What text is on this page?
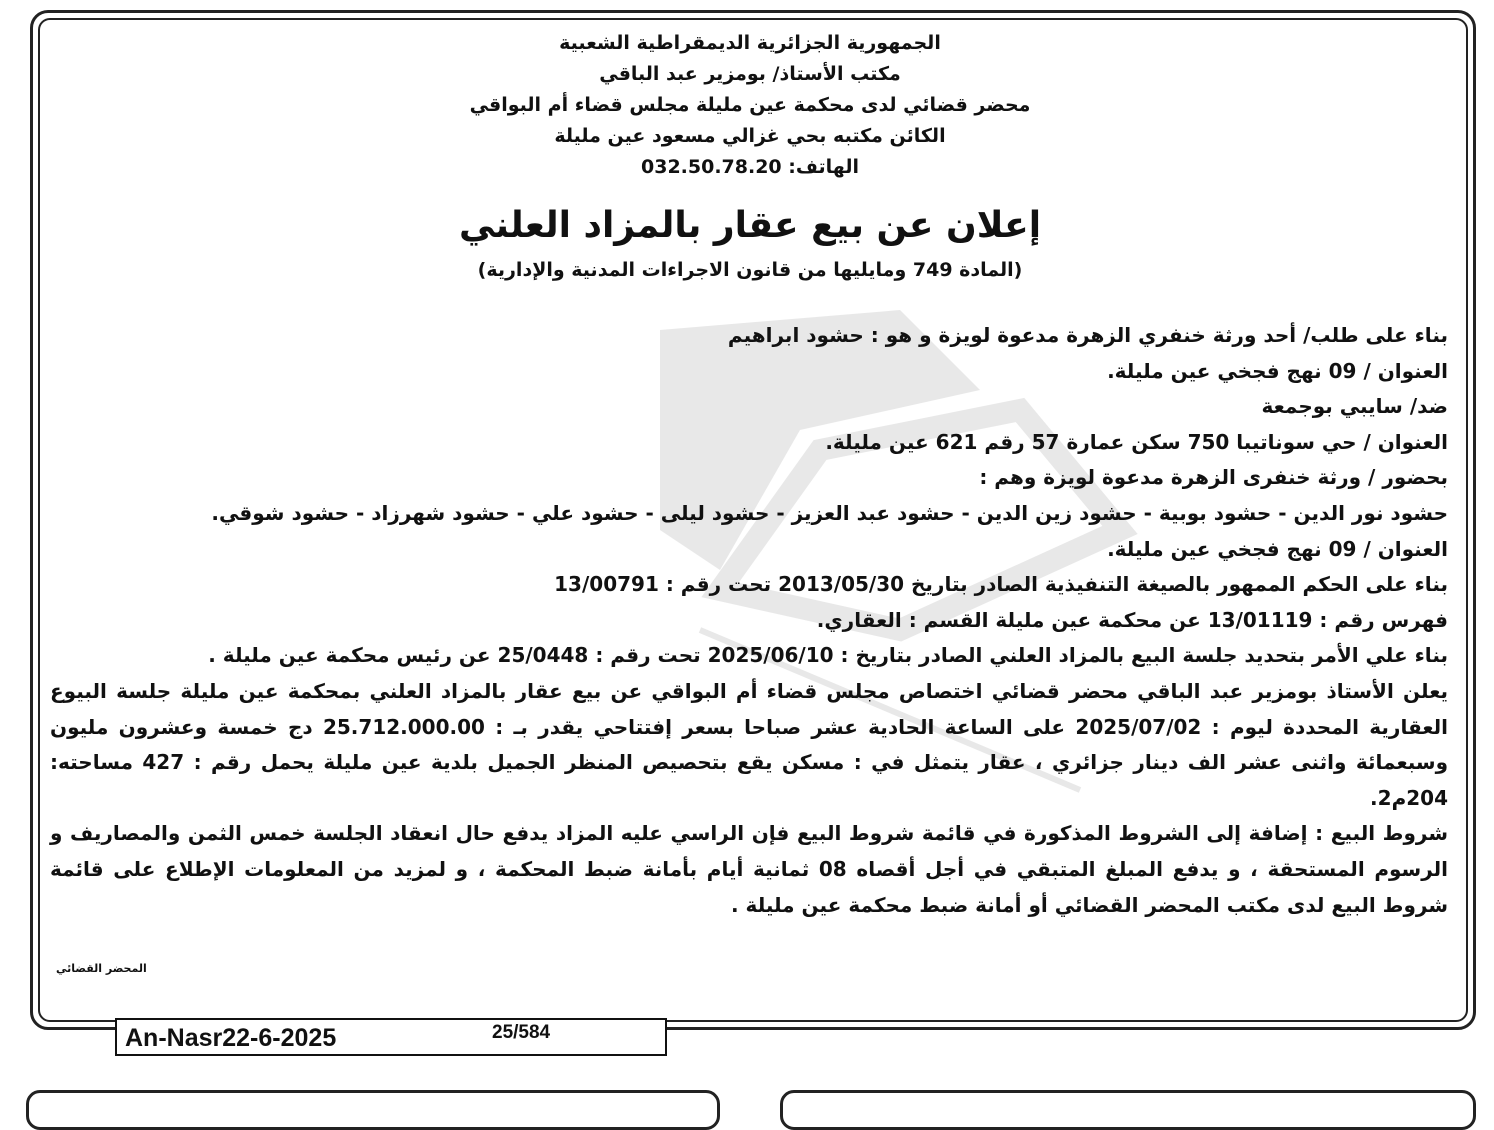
الجمهورية الجزائرية الديمقراطية الشعبية

مكتب الأستاذ/ بومزير عبد الباقي

محضر قضائي لدى محكمة عين مليلة مجلس قضاء أم البواقي

الكائن مكتبه بحي غزالي مسعود عين مليلة

الهاتف: 032.50.78.20

إعلان عن بيع عقار بالمزاد العلني

(المادة 749 ومايليها من قانون الاجراءات المدنية والإدارية)

بناء على طلب/ أحد ورثة خنفري الزهرة مدعوة لويزة و هو : حشود ابراهيم

العنوان / 09 نهج فجخي عين مليلة.

ضد/ سايبي بوجمعة

العنوان / حي سوناتيبا 750 سكن عمارة 57 رقم 621 عين مليلة.

بحضور / ورثة خنفرى الزهرة مدعوة لويزة وهم :

حشود نور الدين - حشود بوبية - حشود زين الدين - حشود عبد العزيز - حشود ليلى - حشود علي - حشود شهرزاد - حشود شوقي.

العنوان / 09 نهج فجخي عين مليلة.

بناء على الحكم الممهور بالصيغة التنفيذية الصادر بتاريخ 2013/05/30 تحت رقم : 13/00791

فهرس رقم : 13/01119 عن محكمة عين مليلة القسم : العقاري.

بناء علي الأمر بتحديد جلسة البيع بالمزاد العلني الصادر بتاريخ : 2025/06/10 تحت رقم : 25/0448 عن رئيس محكمة عين مليلة .

يعلن الأستاذ بومزير عبد الباقي محضر قضائي اختصاص مجلس قضاء أم البواقي عن بيع عقار بالمزاد العلني بمحكمة عين مليلة جلسة البيوع العقارية المحددة ليوم : 2025/07/02 على الساعة الحادية عشر صباحا بسعر إفتتاحي يقدر بـ : 25.712.000.00 دج خمسة وعشرون مليون وسبعمائة واثنى عشر الف دينار جزائري ، عقار يتمثل في : مسكن يقع بتحصيص المنظر الجميل بلدية عين مليلة يحمل رقم : 427 مساحته: 204م2.

شروط البيع : إضافة إلى الشروط المذكورة في قائمة شروط البيع فإن الراسي عليه المزاد يدفع حال انعقاد الجلسة خمس الثمن والمصاريف و الرسوم المستحقة ، و يدفع المبلغ المتبقي في أجل أقصاه 08 ثمانية أيام بأمانة ضبط المحكمة ، و لمزيد من المعلومات الإطلاع على قائمة شروط البيع لدى مكتب المحضر القضائي أو أمانة ضبط محكمة عين مليلة .

المحضر القضائي
An-Nasr22-6-2025	25/584
